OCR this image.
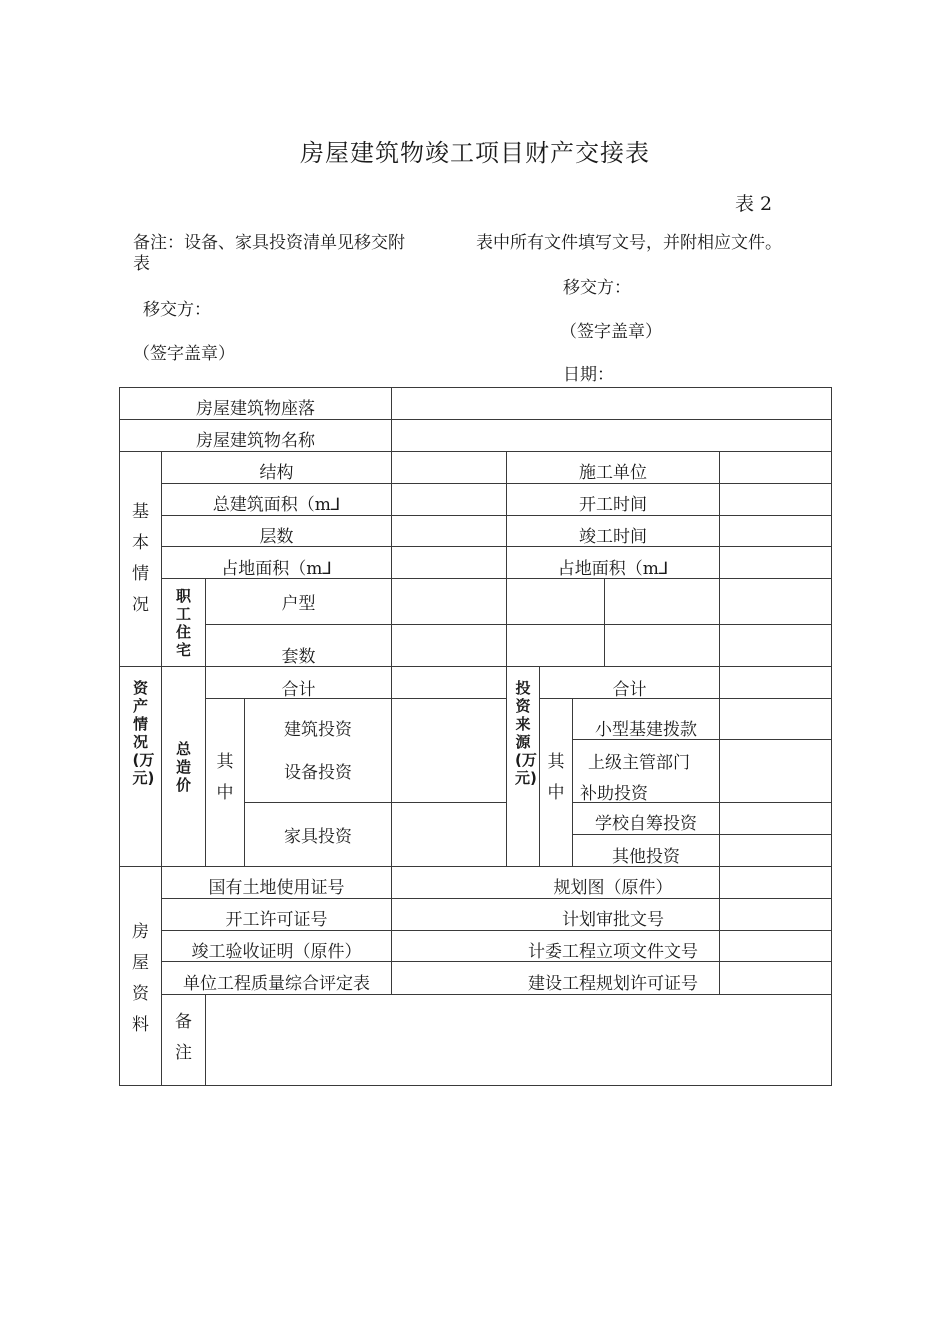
房屋建筑物竣工项目财产交接表
表 2
备注：设备、家具投资清单见移交附
表
表中所有文件填写文号，并附相应文件。
移交方：
（签字盖章）
日期：
移交方：
（签字盖章）
房屋建筑物座落
房屋建筑物名称
基本情况
结构
总建筑面积（m⅃
层数
占地面积（m⅃
施工单位
开工时间
竣工时间
占地面积（m⅃
职工住宅
户型
套数
资产情况(万元)
总造价
合计
其中
建筑投资
设备投资
家具投资
投资来源(万元)
合计
其中
小型基建拨款
上级主管部门
补助投资
学校自筹投资
其他投资
房屋资料
国有土地使用证号
开工许可证号
竣工验收证明（原件）
单位工程质量综合评定表
规划图（原件）
计划审批文号
计委工程立项文件文号
建设工程规划许可证号
备注
